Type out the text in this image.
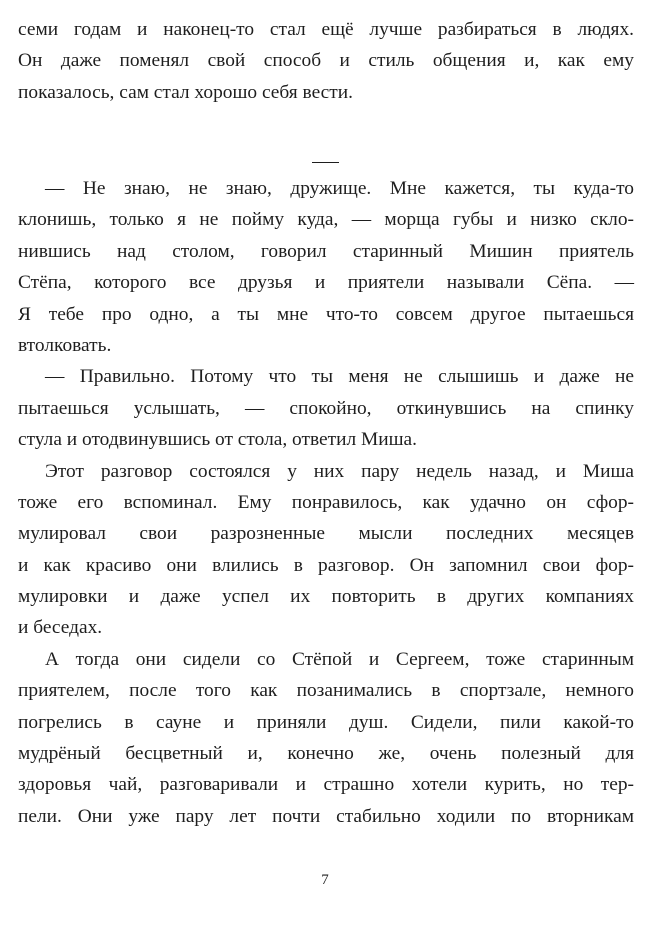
семи годам и наконец-то стал ещё лучше разбираться в людях.
Он даже поменял свой способ и стиль общения и, как ему
показалось, сам стал хорошо себя вести.
— Не знаю, не знаю, дружище. Мне кажется, ты куда-то
клонишь, только я не пойму куда, — морща губы и низко скло-
нившись над столом, говорил старинный Мишин приятель
Стёпа, которого все друзья и приятели называли Сёпа. —
Я тебе про одно, а ты мне что-то совсем другое пытаешься
втолковать.
— Правильно. Потому что ты меня не слышишь и даже не
пытаешься услышать, — спокойно, откинувшись на спинку
стула и отодвинувшись от стола, ответил Миша.
Этот разговор состоялся у них пару недель назад, и Миша
тоже его вспоминал. Ему понравилось, как удачно он сфор-
мулировал свои разрозненные мысли последних месяцев
и как красиво они влились в разговор. Он запомнил свои фор-
мулировки и даже успел их повторить в других компаниях
и беседах.
А тогда они сидели со Стёпой и Сергеем, тоже старинным
приятелем, после того как позанимались в спортзале, немного
погрелись в сауне и приняли душ. Сидели, пили какой-то
мудрёный бесцветный и, конечно же, очень полезный для
здоровья чай, разговаривали и страшно хотели курить, но тер-
пели. Они уже пару лет почти стабильно ходили по вторникам
7
